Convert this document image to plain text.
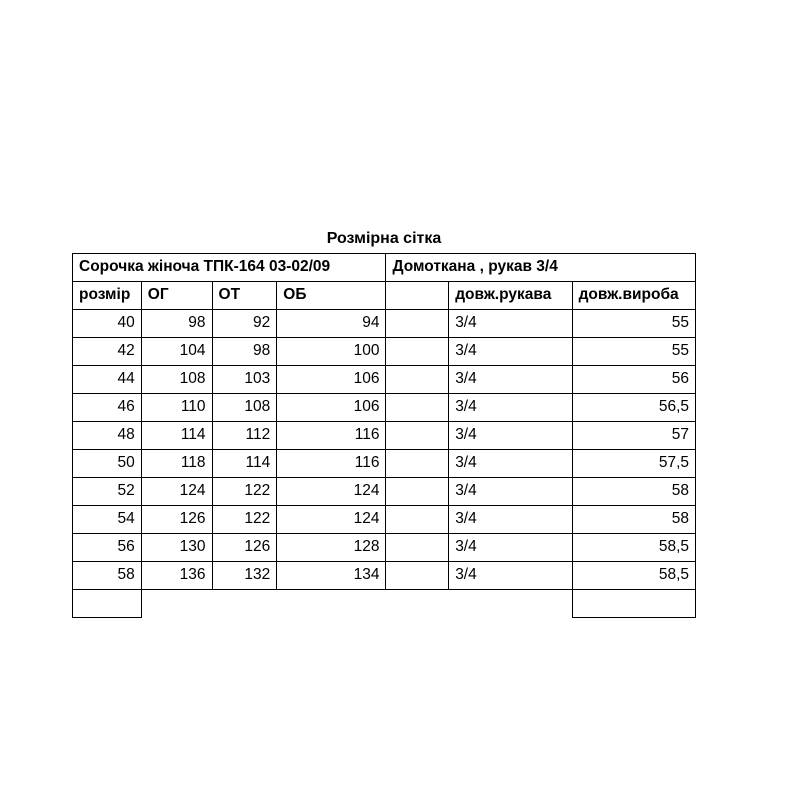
Розмірна сітка						
Сорочка жіноча ТПК-164 03-02/09				Домоткана , рукав 3/4		
розмір	ОГ	ОТ	ОБ		довж.рукава	довж.вироба
40	98	92	94		3/4	55
42	104	98	100		3/4	55
44	108	103	106		3/4	56
46	110	108	106		3/4	56,5
48	114	112	116		3/4	57
50	118	114	116		3/4	57,5
52	124	122	124		3/4	58
54	126	122	124		3/4	58
56	130	126	128		3/4	58,5
58	136	132	134		3/4	58,5
